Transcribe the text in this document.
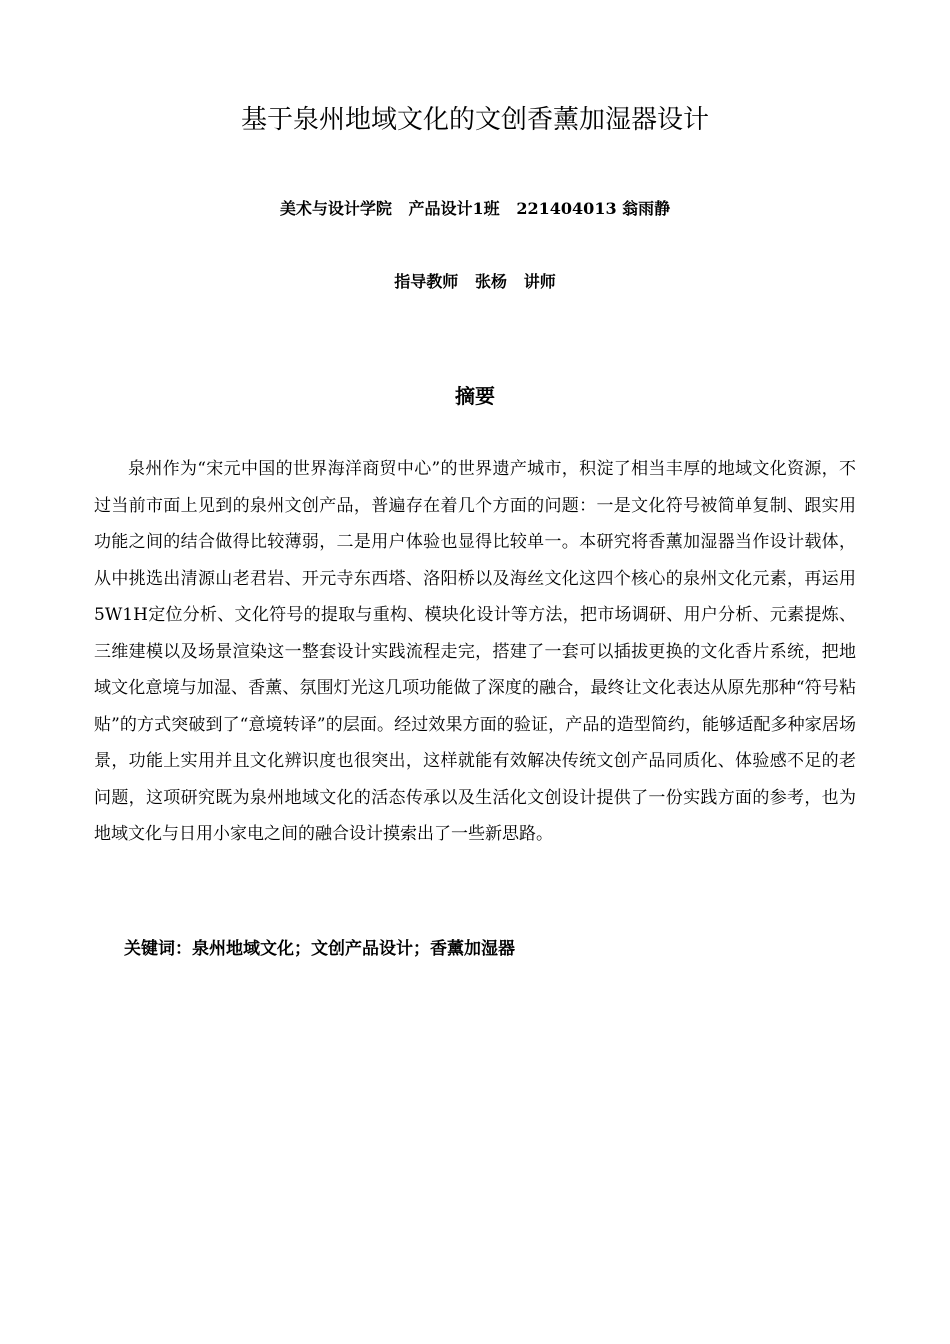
基于泉州地域文化的文创香薰加湿器设计
美术与设计学院   产品设计1班   221404013 翁雨静
指导教师   张杨   讲师
摘要

泉州作为“宋元中国的世界海洋商贸中心”的世界遗产城市，积淀了相当丰厚的地域文化资源，不过当前市面上见到的泉州文创产品，普遍存在着几个方面的问题：一是文化符号被简单复制、跟实用功能之间的结合做得比较薄弱，二是用户体验也显得比较单一。本研究将香薰加湿器当作设计载体，从中挑选出清源山老君岩、开元寺东西塔、洛阳桥以及海丝文化这四个核心的泉州文化元素，再运用5W1H定位分析、文化符号的提取与重构、模块化设计等方法，把市场调研、用户分析、元素提炼、三维建模以及场景渲染这一整套设计实践流程走完，搭建了一套可以插拔更换的文化香片系统，把地域文化意境与加湿、香薰、氛围灯光这几项功能做了深度的融合，最终让文化表达从原先那种“符号粘贴”的方式突破到了“意境转译”的层面。经过效果方面的验证，产品的造型简约，能够适配多种家居场景，功能上实用并且文化辨识度也很突出，这样就能有效解决传统文创产品同质化、体验感不足的老问题，这项研究既为泉州地域文化的活态传承以及生活化文创设计提供了一份实践方面的参考，也为地域文化与日用小家电之间的融合设计摸索出了一些新思路。

关键词：泉州地域文化；文创产品设计；香薰加湿器
